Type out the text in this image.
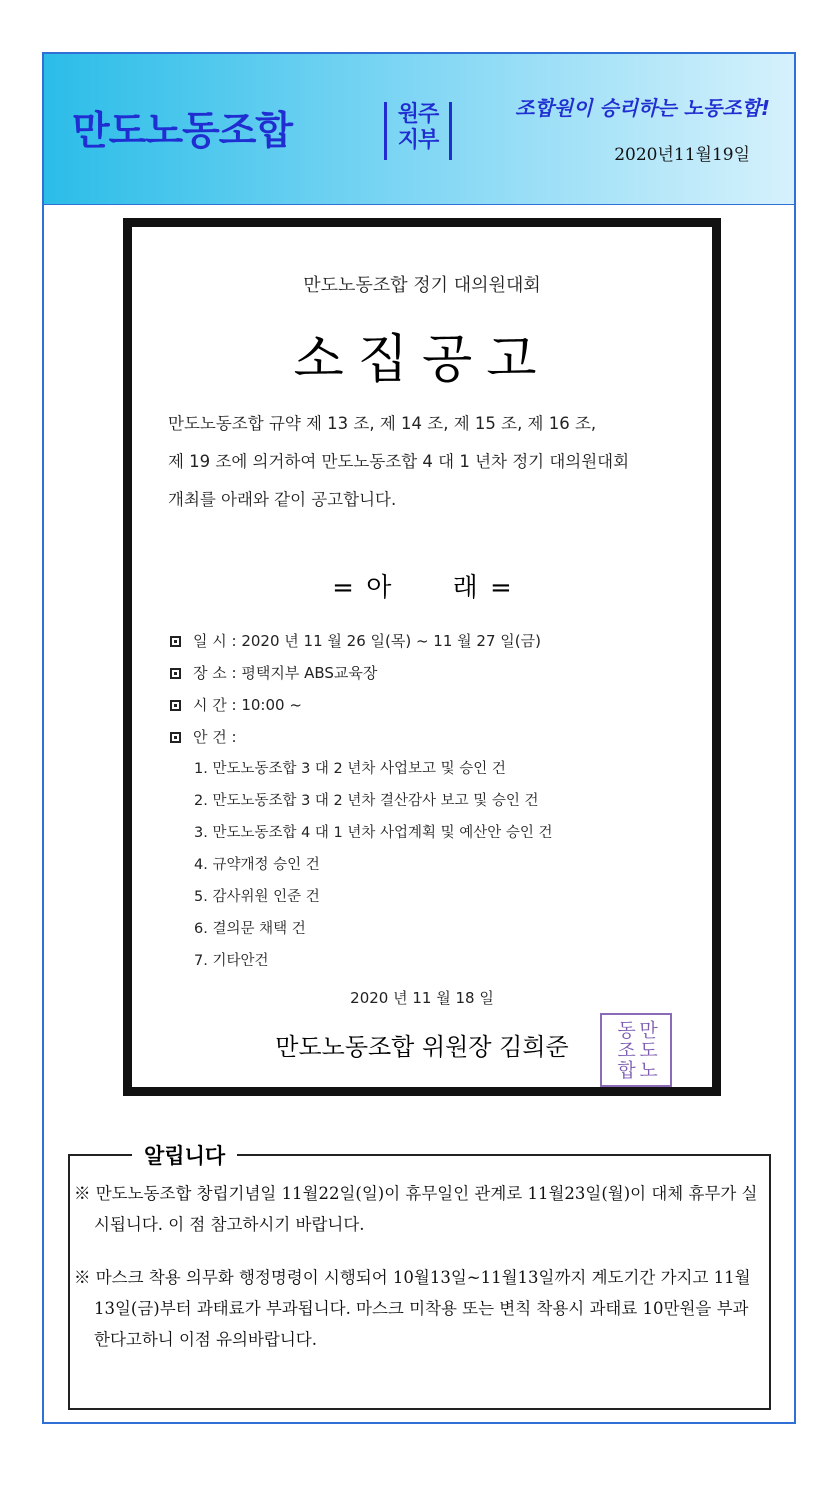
만도노동조합	원주
지부
조합원이 승리하는 노동조합!
2020년11월19일
만도노동조합 정기 대의원대회
소집공고
만도노동조합 규약 제 13 조, 제 14 조, 제 15 조, 제 16 조,
제 19 조에 의거하여 만도노동조합 4 대 1 년차 정기 대의원대회
개최를 아래와 같이 공고합니다.
= 아     래 =
일 시 : 2020 년 11 월 26 일(목) ~ 11 월 27 일(금)
장 소 : 평택지부 ABS교육장
시 간 : 10:00 ~
안 건 :
1. 만도노동조합 3 대 2 년차 사업보고 및 승인 건
2. 만도노동조합 3 대 2 년차 결산감사 보고 및 승인 건
3. 만도노동조합 4 대 1 년차 사업계획 및 예산안 승인 건
4. 규약개정 승인 건
5. 감사위원 인준 건
6. 결의문 채택 건
7. 기타안건
2020 년 11 월 18 일
만도노동조합 위원장 김희준	만도노동조합
알립니다
※ 만도노동조합 창립기념일 11월22일(일)이 휴무일인 관계로 11월23일(월)이 대체 휴무가 실시됩니다. 이 점 참고하시기 바랍니다.
※ 마스크 착용 의무화 행정명령이 시행되어 10월13일~11월13일까지 계도기간 가지고 11월13일(금)부터 과태료가 부과됩니다. 마스크 미착용 또는 변칙 착용시 과태료 10만원을 부과한다고하니 이점 유의바랍니다.
